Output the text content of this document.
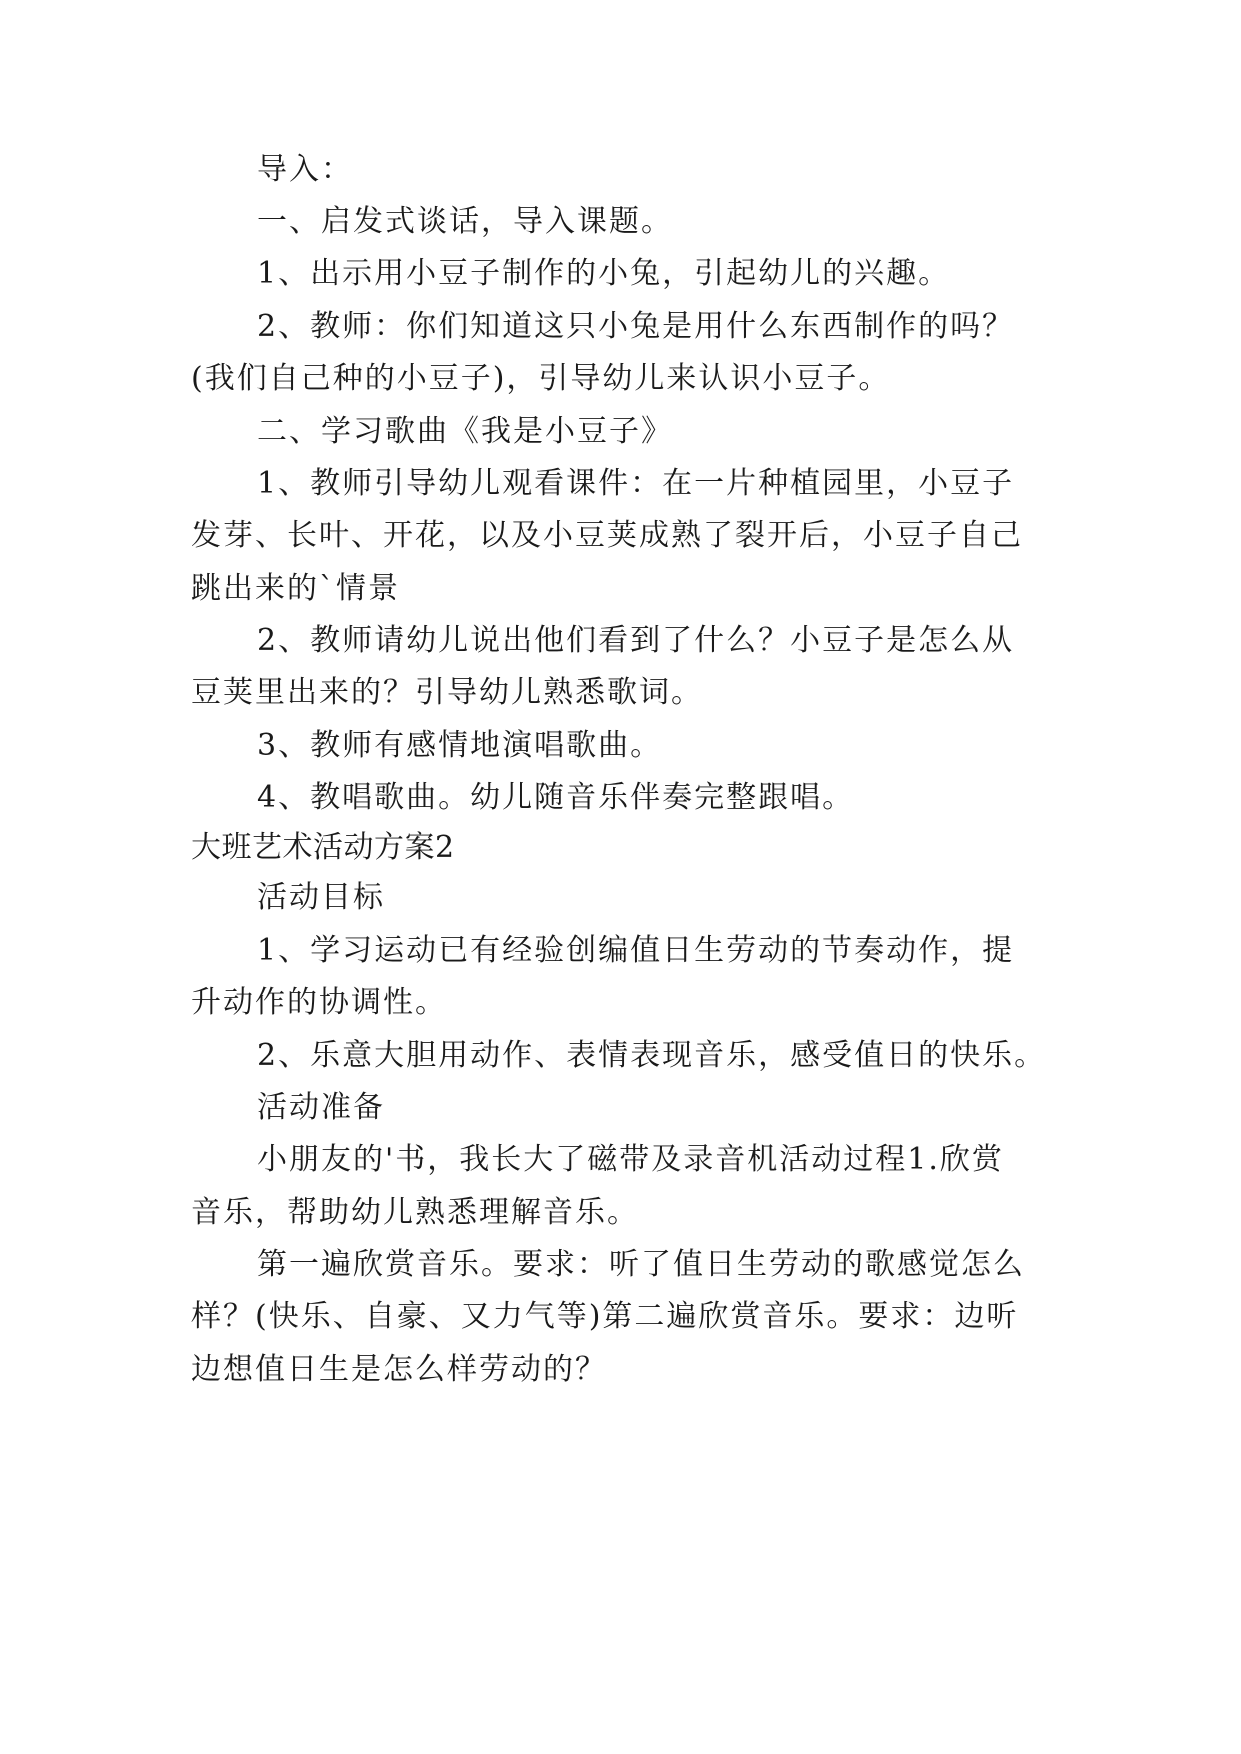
导入：
一、启发式谈话，导入课题。
1、出示用小豆子制作的小兔，引起幼儿的兴趣。
2、教师：你们知道这只小兔是用什么东西制作的吗？
(我们自己种的小豆子)，引导幼儿来认识小豆子。
二、学习歌曲《我是小豆子》
1、教师引导幼儿观看课件：在一片种植园里，小豆子
发芽、长叶、开花，以及小豆荚成熟了裂开后，小豆子自己
跳出来的`情景
2、教师请幼儿说出他们看到了什么？小豆子是怎么从
豆荚里出来的？引导幼儿熟悉歌词。
3、教师有感情地演唱歌曲。
4、教唱歌曲。幼儿随音乐伴奏完整跟唱。
大班艺术活动方案2
活动目标
1、学习运动已有经验创编值日生劳动的节奏动作，提
升动作的协调性。
2、乐意大胆用动作、表情表现音乐，感受值日的快乐。
活动准备
小朋友的'书，我长大了磁带及录音机活动过程1.欣赏
音乐，帮助幼儿熟悉理解音乐。
第一遍欣赏音乐。要求：听了值日生劳动的歌感觉怎么
样？(快乐、自豪、又力气等)第二遍欣赏音乐。要求：边听
边想值日生是怎么样劳动的？
